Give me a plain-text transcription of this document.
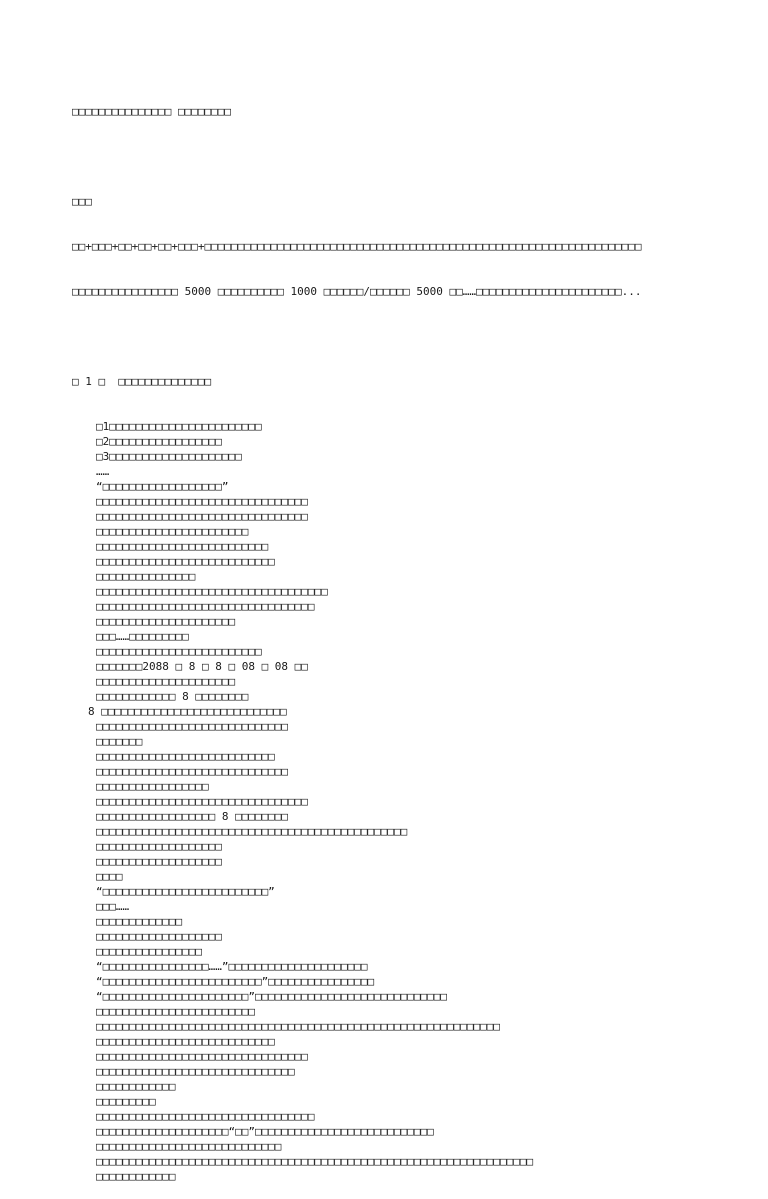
□□□□□□□□□□□□□□□ □□□□□□□□

□□□

□□+□□□+□□+□□+□□+□□□+□□□□□□□□□□□□□□□□□□□□□□□□□□□□□□□□□□□□□□□□□□□□□□□□□□□□□□□□□□□□□□□□□□

□□□□□□□□□□□□□□□□ 5000 □□□□□□□□□□ 1000 □□□□□□/□□□□□□ 5000 □□……□□□□□□□□□□□□□□□□□□□□□□...

□ 1 □  □□□□□□□□□□□□□□

□1□□□□□□□□□□□□□□□□□□□□□□□
□2□□□□□□□□□□□□□□□□□
□3□□□□□□□□□□□□□□□□□□□□
……
“□□□□□□□□□□□□□□□□□□”
□□□□□□□□□□□□□□□□□□□□□□□□□□□□□□□□
□□□□□□□□□□□□□□□□□□□□□□□□□□□□□□□□
□□□□□□□□□□□□□□□□□□□□□□□
□□□□□□□□□□□□□□□□□□□□□□□□□□
□□□□□□□□□□□□□□□□□□□□□□□□□□□
□□□□□□□□□□□□□□□
□□□□□□□□□□□□□□□□□□□□□□□□□□□□□□□□□□□
□□□□□□□□□□□□□□□□□□□□□□□□□□□□□□□□□
□□□□□□□□□□□□□□□□□□□□□
□□□……□□□□□□□□□
□□□□□□□□□□□□□□□□□□□□□□□□□
□□□□□□□2088 □ 8 □ 8 □ 08 □ 08 □□
□□□□□□□□□□□□□□□□□□□□□
□□□□□□□□□□□□ 8 □□□□□□□□
8 □□□□□□□□□□□□□□□□□□□□□□□□□□□□
□□□□□□□□□□□□□□□□□□□□□□□□□□□□□
□□□□□□□
□□□□□□□□□□□□□□□□□□□□□□□□□□□
□□□□□□□□□□□□□□□□□□□□□□□□□□□□□
□□□□□□□□□□□□□□□□□
□□□□□□□□□□□□□□□□□□□□□□□□□□□□□□□□
□□□□□□□□□□□□□□□□□□ 8 □□□□□□□□
□□□□□□□□□□□□□□□□□□□□□□□□□□□□□□□□□□□□□□□□□□□□□□□
□□□□□□□□□□□□□□□□□□□
□□□□□□□□□□□□□□□□□□□
□□□□
“□□□□□□□□□□□□□□□□□□□□□□□□□”
□□□……
□□□□□□□□□□□□□
□□□□□□□□□□□□□□□□□□□
□□□□□□□□□□□□□□□□
“□□□□□□□□□□□□□□□□……”□□□□□□□□□□□□□□□□□□□□□
“□□□□□□□□□□□□□□□□□□□□□□□□”□□□□□□□□□□□□□□□□
“□□□□□□□□□□□□□□□□□□□□□□”□□□□□□□□□□□□□□□□□□□□□□□□□□□□□
□□□□□□□□□□□□□□□□□□□□□□□□
□□□□□□□□□□□□□□□□□□□□□□□□□□□□□□□□□□□□□□□□□□□□□□□□□□□□□□□□□□□□□
□□□□□□□□□□□□□□□□□□□□□□□□□□□
□□□□□□□□□□□□□□□□□□□□□□□□□□□□□□□□
□□□□□□□□□□□□□□□□□□□□□□□□□□□□□□
□□□□□□□□□□□□
□□□□□□□□□
□□□□□□□□□□□□□□□□□□□□□□□□□□□□□□□□□
□□□□□□□□□□□□□□□□□□□□“□□”□□□□□□□□□□□□□□□□□□□□□□□□□□□
□□□□□□□□□□□□□□□□□□□□□□□□□□□□
□□□□□□□□□□□□□□□□□□□□□□□□□□□□□□□□□□□□□□□□□□□□□□□□□□□□□□□□□□□□□□□□□□
□□□□□□□□□□□□
